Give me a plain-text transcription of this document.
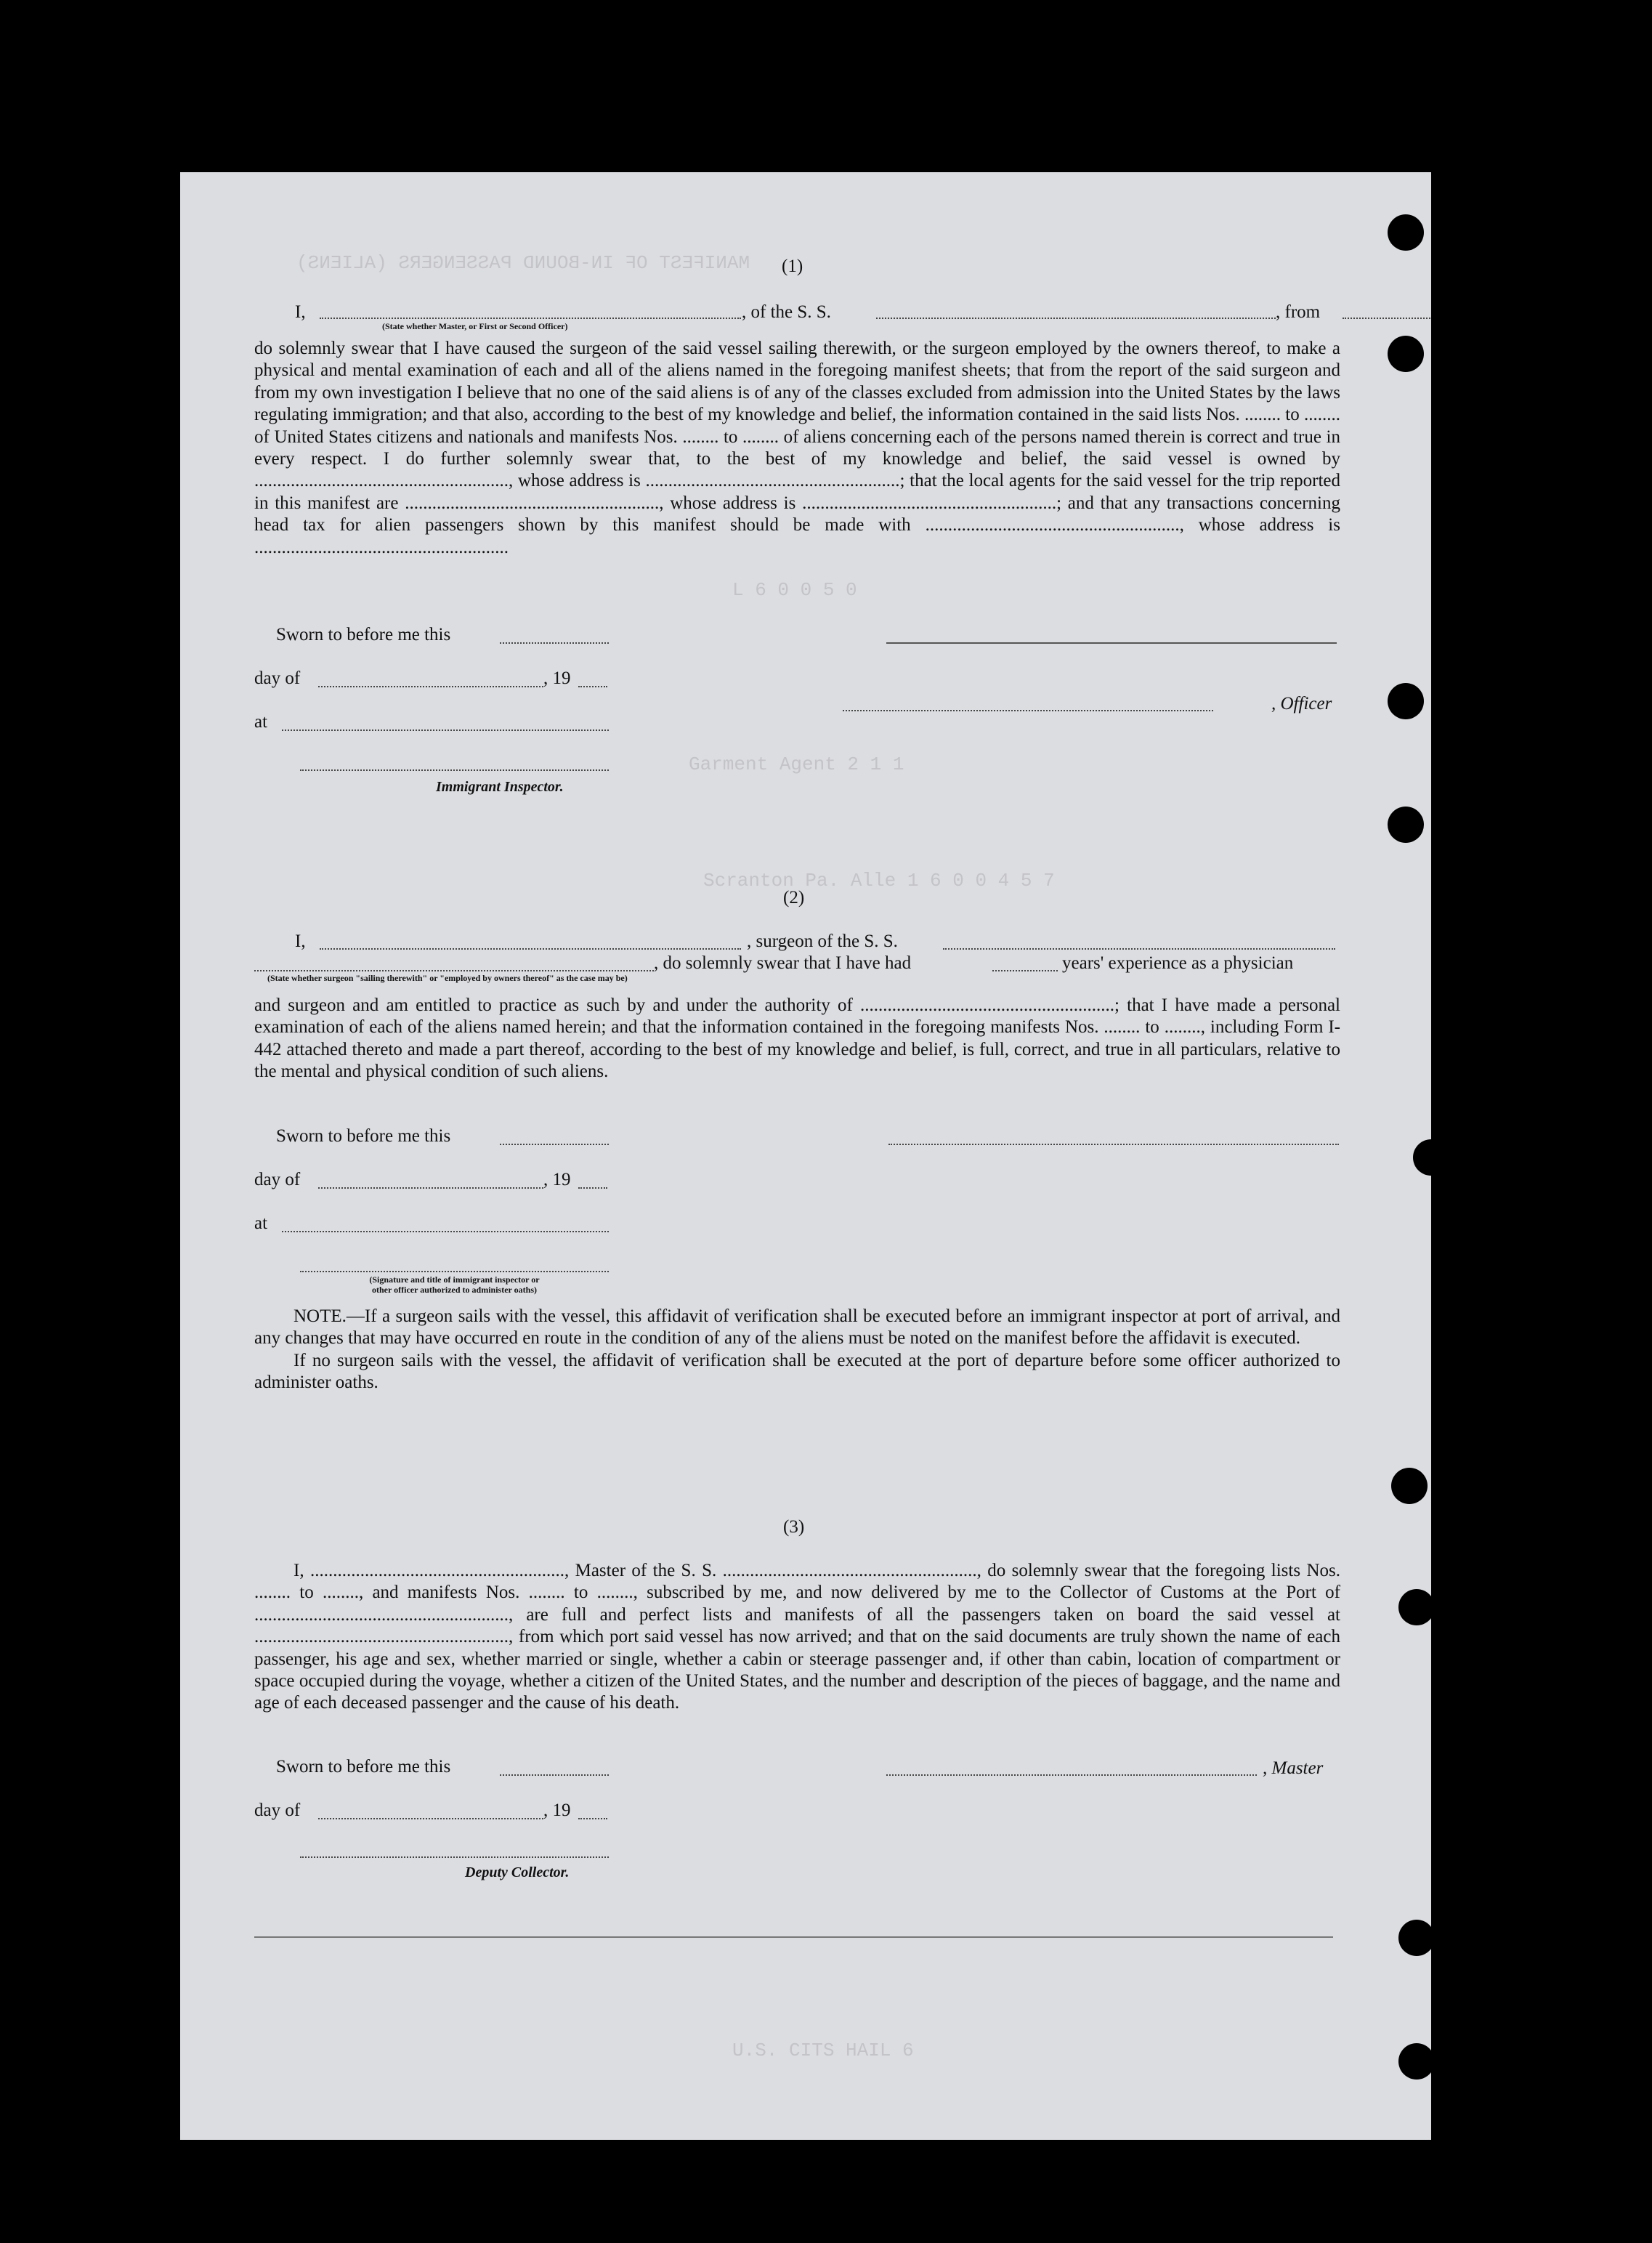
MANIFEST OF IN-BOUND PASSENGERS (ALIENS)
L 6 0 0 5 0
Garment Agent 2 1 1
Scranton Pa. Alle 1 6 0 0 4 5 7
U.S. CITS HAIL 6
(1)
I,	, of the S. S.	, from
(State whether Master, or First or Second Officer)

do solemnly swear that I have caused the surgeon of the said vessel sailing therewith, or the surgeon employed by the owners thereof, to make a physical and mental examination of each and all of the aliens named in the foregoing manifest sheets; that from the report of the said surgeon and from my own investigation I believe that no one of the said aliens is of any of the classes excluded from admission into the United States by the laws regulating immigration; and that also, according to the best of my knowledge and belief, the information contained in the said lists Nos. ........ to ........ of United States citizens and nationals and manifests Nos. ........ to ........ of aliens concerning each of the persons named therein is correct and true in every respect. I do further solemnly swear that, to the best of my knowledge and belief, the said vessel is owned by ........................................................, whose address is ........................................................; that the local agents for the said vessel for the trip reported in this manifest are ........................................................, whose address is ........................................................; and that any transactions concerning head tax for alien passengers shown by this manifest should be made with ........................................................, whose address is ........................................................

Sworn to before me this
day of	, 19
, Officer
at
Immigrant Inspector.
(2)
I,	, surgeon of the S. S.
, do solemnly swear that I have had	years' experience as a physician
(State whether surgeon "sailing therewith" or "employed by owners thereof" as the case may be)

and surgeon and am entitled to practice as such by and under the authority of ........................................................; that I have made a personal examination of each of the aliens named herein; and that the information contained in the foregoing manifests Nos. ........ to ........, including Form I-442 attached thereto and made a part thereof, according to the best of my knowledge and belief, is full, correct, and true in all particulars, relative to the mental and physical condition of such aliens.

Sworn to before me this
day of	, 19
at
(Signature and title of immigrant inspector or
other officer authorized to administer oaths)

NOTE.—If a surgeon sails with the vessel, this affidavit of verification shall be executed before an immigrant inspector at port of arrival, and any changes that may have occurred en route in the condition of any of the aliens must be noted on the manifest before the affidavit is executed.

If no surgeon sails with the vessel, the affidavit of verification shall be executed at the port of departure before some officer authorized to administer oaths.

(3)

I, ........................................................, Master of the S. S. ........................................................, do solemnly swear that the foregoing lists Nos. ........ to ........, and manifests Nos. ........ to ........, subscribed by me, and now delivered by me to the Collector of Customs at the Port of ........................................................, are full and perfect lists and manifests of all the passengers taken on board the said vessel at ........................................................, from which port said vessel has now arrived; and that on the said documents are truly shown the name of each passenger, his age and sex, whether married or single, whether a cabin or steerage passenger and, if other than cabin, location of compartment or space occupied during the voyage, whether a citizen of the United States, and the number and description of the pieces of baggage, and the name and age of each deceased passenger and the cause of his death.

Sworn to before me this	, Master
day of	, 19
Deputy Collector.
